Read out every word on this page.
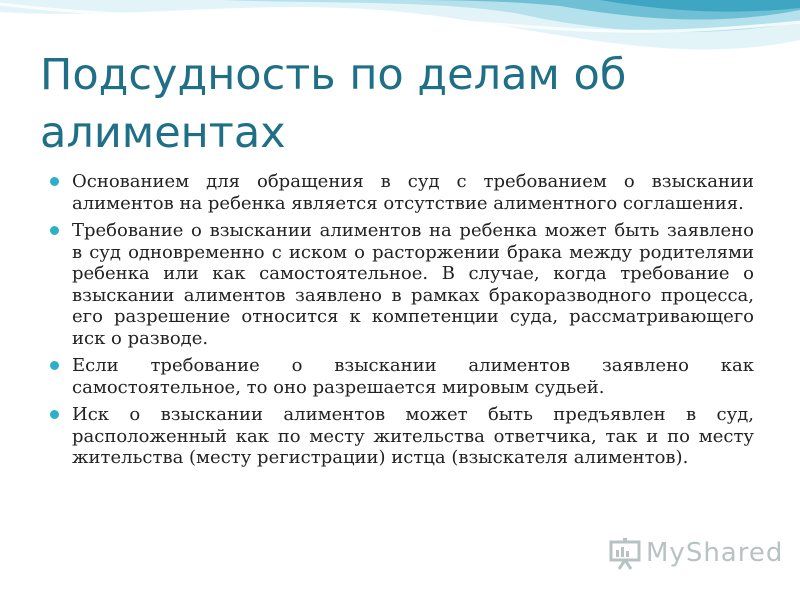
Подсудность по делам об алиментах
Основанием для обращения в суд с требованием о взыскании алиментов на ребенка является отсутствие алиментного соглашения.
Требование о взыскании алиментов на ребенка может быть заявлено в суд одновременно с иском о расторжении брака между родителями ребенка или как самостоятельное. В случае, когда требование о взыскании алиментов заявлено в рамках бракоразводного процесса, его разрешение относится к компетенции суда, рассматривающего иск о разводе.
Если требование о взыскании алиментов заявлено как самостоятельное, то оно разрешается мировым судьей.
Иск о взыскании алиментов может быть предъявлен в суд, расположенный как по месту жительства ответчика, так и по месту жительства (месту регистрации) истца (взыскателя алиментов).
MyShared
